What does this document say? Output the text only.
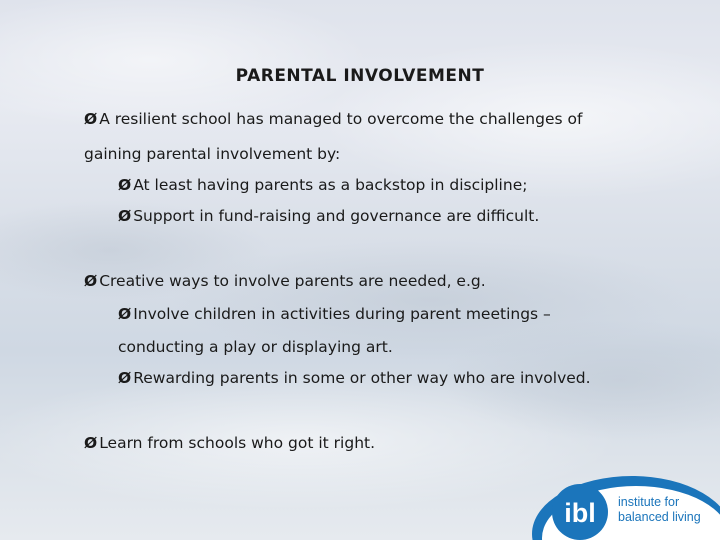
PARENTAL INVOLVEMENT
Ø A resilient school has managed to overcome the challenges of
gaining parental involvement by:
Ø At least having parents as a backstop in discipline;
Ø Support in fund-raising and governance are difficult.
Ø Creative ways to involve parents are needed, e.g.
Ø Involve children in activities during parent meetings –
conducting a play or displaying art.
Ø Rewarding parents in some or other way who are involved.
Ø Learn from schools who got it right.
ibl institute for
balanced living
